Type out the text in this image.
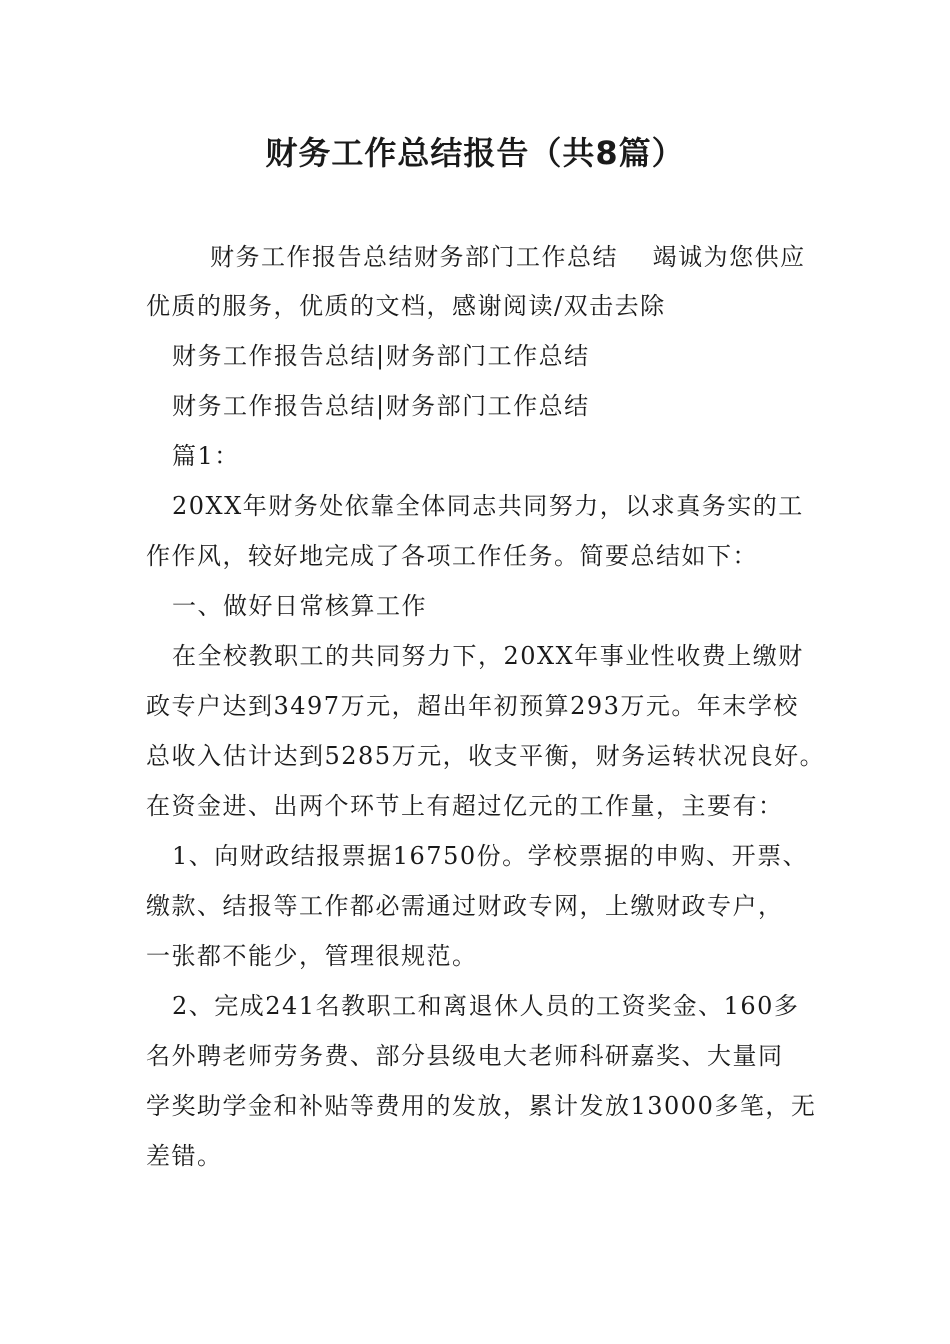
财务工作总结报告（共8篇）
财务工作报告总结财务部门工作总结　 竭诚为您供应
优质的服务，优质的文档，感谢阅读/双击去除
财务工作报告总结|财务部门工作总结
财务工作报告总结|财务部门工作总结
篇1：
20XX年财务处依靠全体同志共同努力，以求真务实的工
作作风，较好地完成了各项工作任务。简要总结如下：
一、做好日常核算工作
在全校教职工的共同努力下，20XX年事业性收费上缴财
政专户达到3497万元，超出年初预算293万元。年末学校
总收入估计达到5285万元，收支平衡，财务运转状况良好。
在资金进、出两个环节上有超过亿元的工作量，主要有：
1、向财政结报票据16750份。学校票据的申购、开票、
缴款、结报等工作都必需通过财政专网，上缴财政专户，
一张都不能少，管理很规范。
2、完成241名教职工和离退休人员的工资奖金、160多
名外聘老师劳务费、部分县级电大老师科研嘉奖、大量同
学奖助学金和补贴等费用的发放，累计发放13000多笔，无
差错。
